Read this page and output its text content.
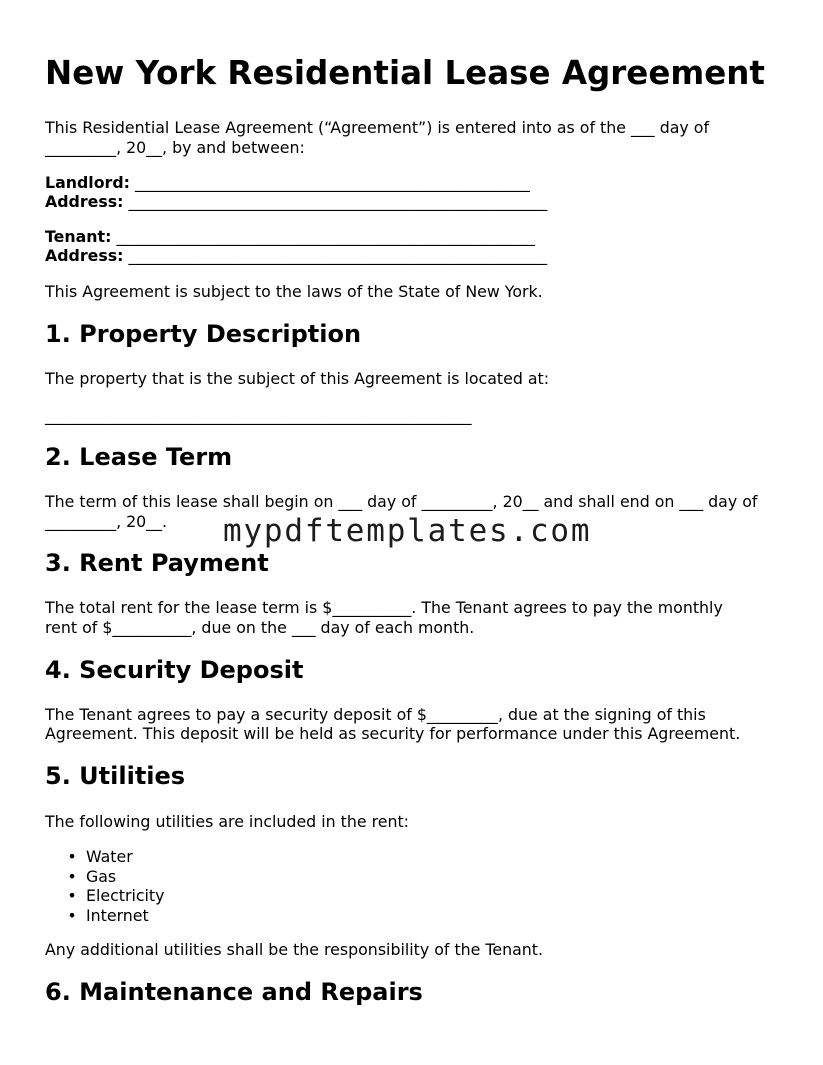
New York Residential Lease Agreement

This Residential Lease Agreement (“Agreement”) is entered into as of the ___ day of

_________, 20__, by and between:

Landlord: __________________________________________________

Address: _____________________________________________________

Tenant: _____________________________________________________

Address: _____________________________________________________

This Agreement is subject to the laws of the State of New York.

1. Property Description

The property that is the subject of this Agreement is located at:

______________________________________________________

2. Lease Term

The term of this lease shall begin on ___ day of _________, 20__ and shall end on ___ day of

_________, 20__. mypdftemplates.com
3. Rent Payment

The total rent for the lease term is $__________. The Tenant agrees to pay the monthly

rent of $__________, due on the ___ day of each month.

4. Security Deposit

The Tenant agrees to pay a security deposit of $_________, due at the signing of this

Agreement. This deposit will be held as security for performance under this Agreement.

5. Utilities

The following utilities are included in the rent:

• Water
• Gas
• Electricity
• Internet

Any additional utilities shall be the responsibility of the Tenant.

6. Maintenance and Repairs
